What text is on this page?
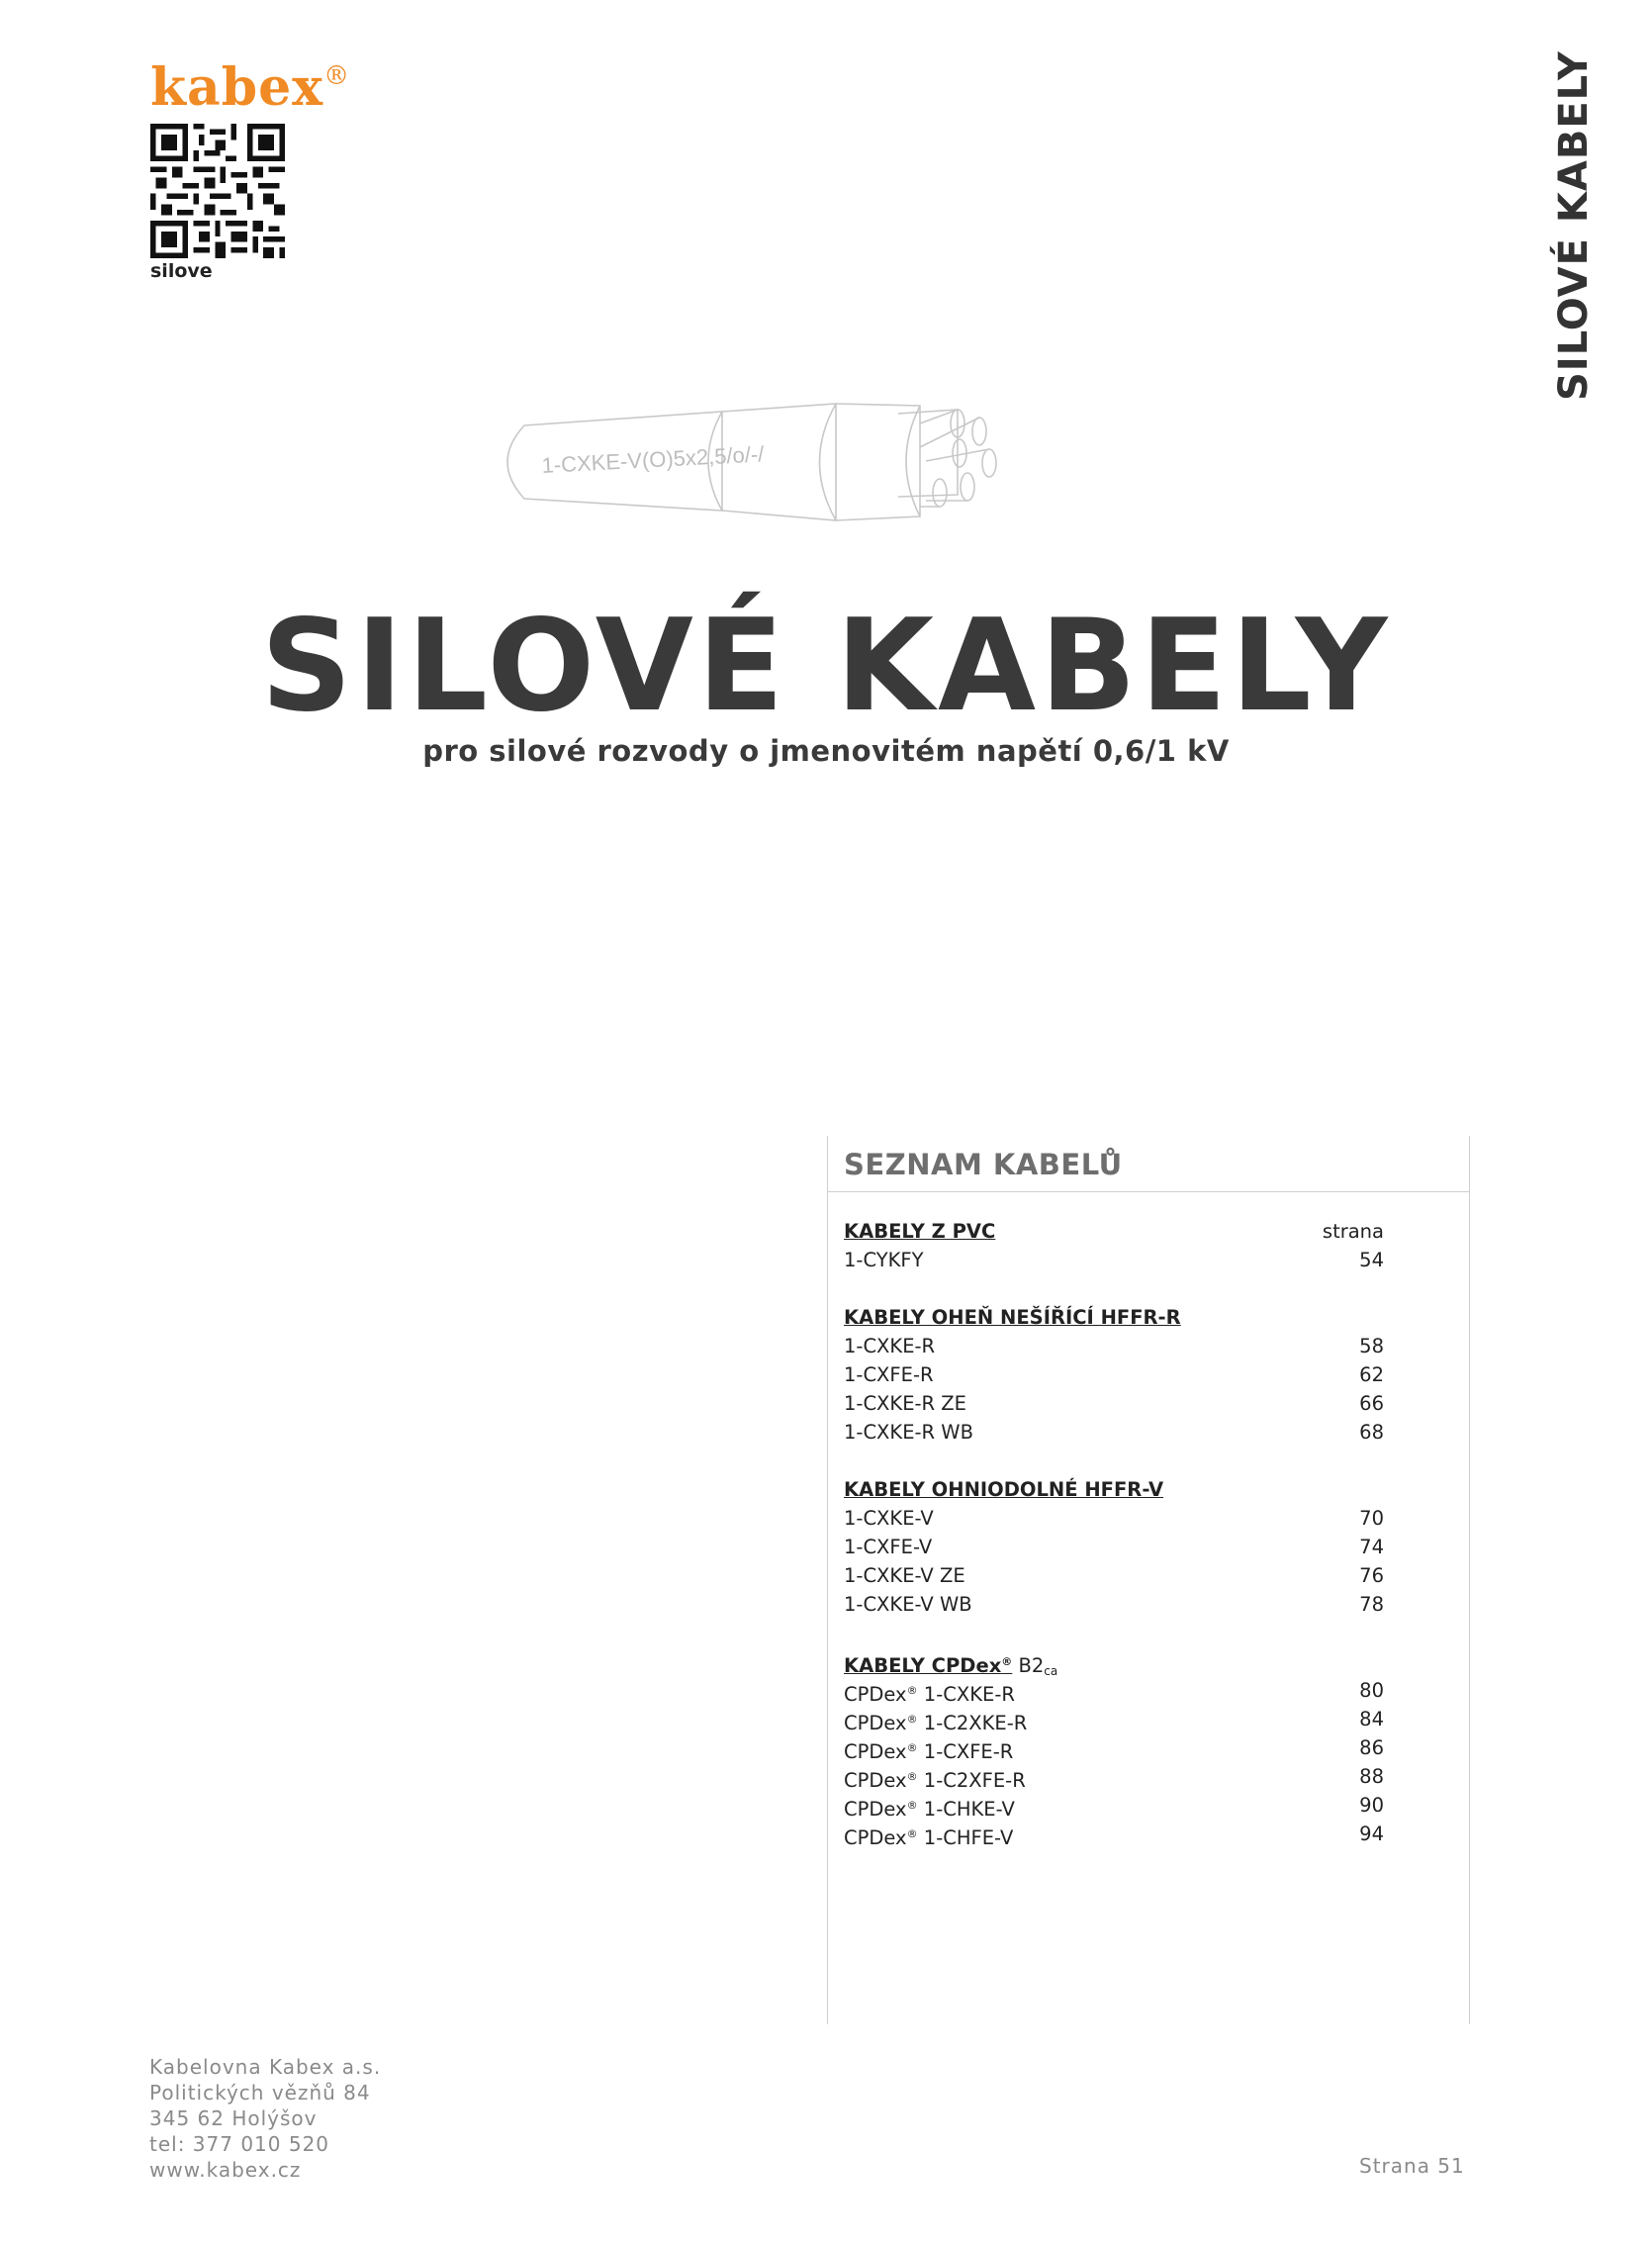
kabex®
silove	SILOVÉ KABELY
1-CXKE-V(O)5x2,5/o/-/
SILOVÉ KABELY
pro silové rozvody o jmenovitém napětí 0,6/1 kV
SEZNAM KABELŮ
KABELY Z PVC	strana
1-CYKFY	54
KABELY OHEŇ NEŠÍŘÍCÍ HFFR-R
1-CXKE-R	58
1-CXFE-R	62
1-CXKE-R ZE	66
1-CXKE-R WB	68
KABELY OHNIODOLNÉ HFFR-V
1-CXKE-V	70
1-CXFE-V	74
1-CXKE-V ZE	76
1-CXKE-V WB	78
KABELY CPDex® $B2_{ca}$
CPDex® 1-CXKE-R	80
CPDex® 1-C2XKE-R	84
CPDex® 1-CXFE-R	86
CPDex® 1-C2XFE-R	88
CPDex® 1-CHKE-V	90
CPDex® 1-CHFE-V	94
Kabelovna Kabex a.s.
Politických vězňů 84
345 62 Holýšov
tel: 377 010 520
www.kabex.cz	Strana 51
